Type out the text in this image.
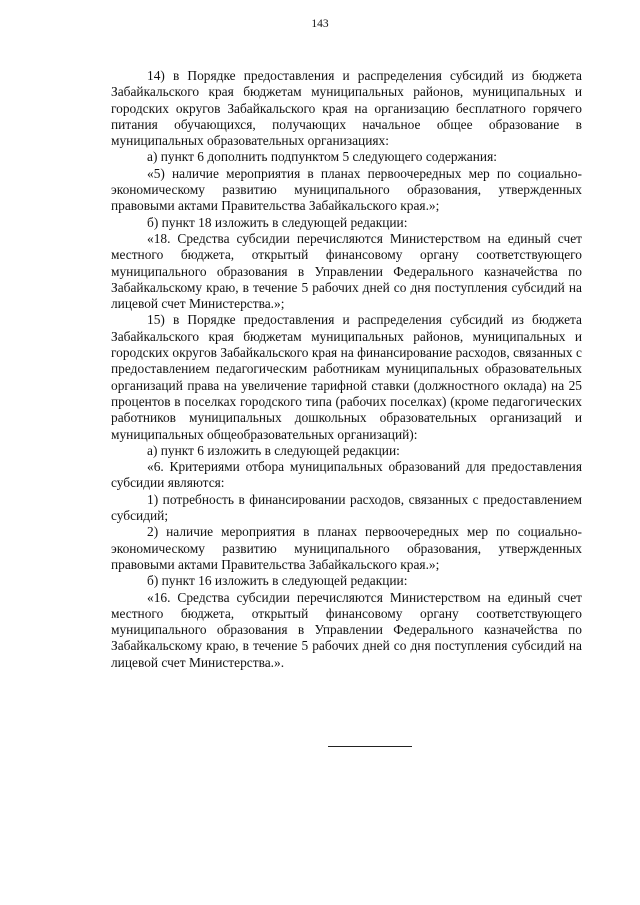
143

14) в Порядке предоставления и распределения субсидий из бюджета Забайкальского края бюджетам муниципальных районов, муниципальных и городских округов Забайкальского края на организацию бесплатного горячего питания обучающихся, получающих начальное общее образование в муниципальных образовательных организациях:

а) пункт 6 дополнить подпунктом 5 следующего содержания:

«5) наличие мероприятия в планах первоочередных мер по социально-экономическому развитию муниципального образования, утвержденных правовыми актами Правительства Забайкальского края.»;

б) пункт 18 изложить в следующей редакции:

«18. Средства субсидии перечисляются Министерством на единый счет местного бюджета, открытый финансовому органу соответствующего муниципального образования в Управлении Федерального казначейства по Забайкальскому краю, в течение 5 рабочих дней со дня поступления субсидий на лицевой счет Министерства.»;

15) в Порядке предоставления и распределения субсидий из бюджета Забайкальского края бюджетам муниципальных районов, муниципальных и городских округов Забайкальского края на финансирование расходов, связанных с предоставлением педагогическим работникам муниципальных образовательных организаций права на увеличение тарифной ставки (должностного оклада) на 25 процентов в поселках городского типа (рабочих поселках) (кроме педагогических работников муниципальных дошкольных образовательных организаций и муниципальных общеобразовательных организаций):

а) пункт 6 изложить в следующей редакции:

«6. Критериями отбора муниципальных образований для предоставления субсидии являются:

1) потребность в финансировании расходов, связанных с предоставлением субсидий;

2) наличие мероприятия в планах первоочередных мер по социально-экономическому развитию муниципального образования, утвержденных правовыми актами Правительства Забайкальского края.»;

б) пункт 16 изложить в следующей редакции:

«16. Средства субсидии перечисляются Министерством на единый счет местного бюджета, открытый финансовому органу соответствующего муниципального образования в Управлении Федерального казначейства по Забайкальскому краю, в течение 5 рабочих дней со дня поступления субсидий на лицевой счет Министерства.».
